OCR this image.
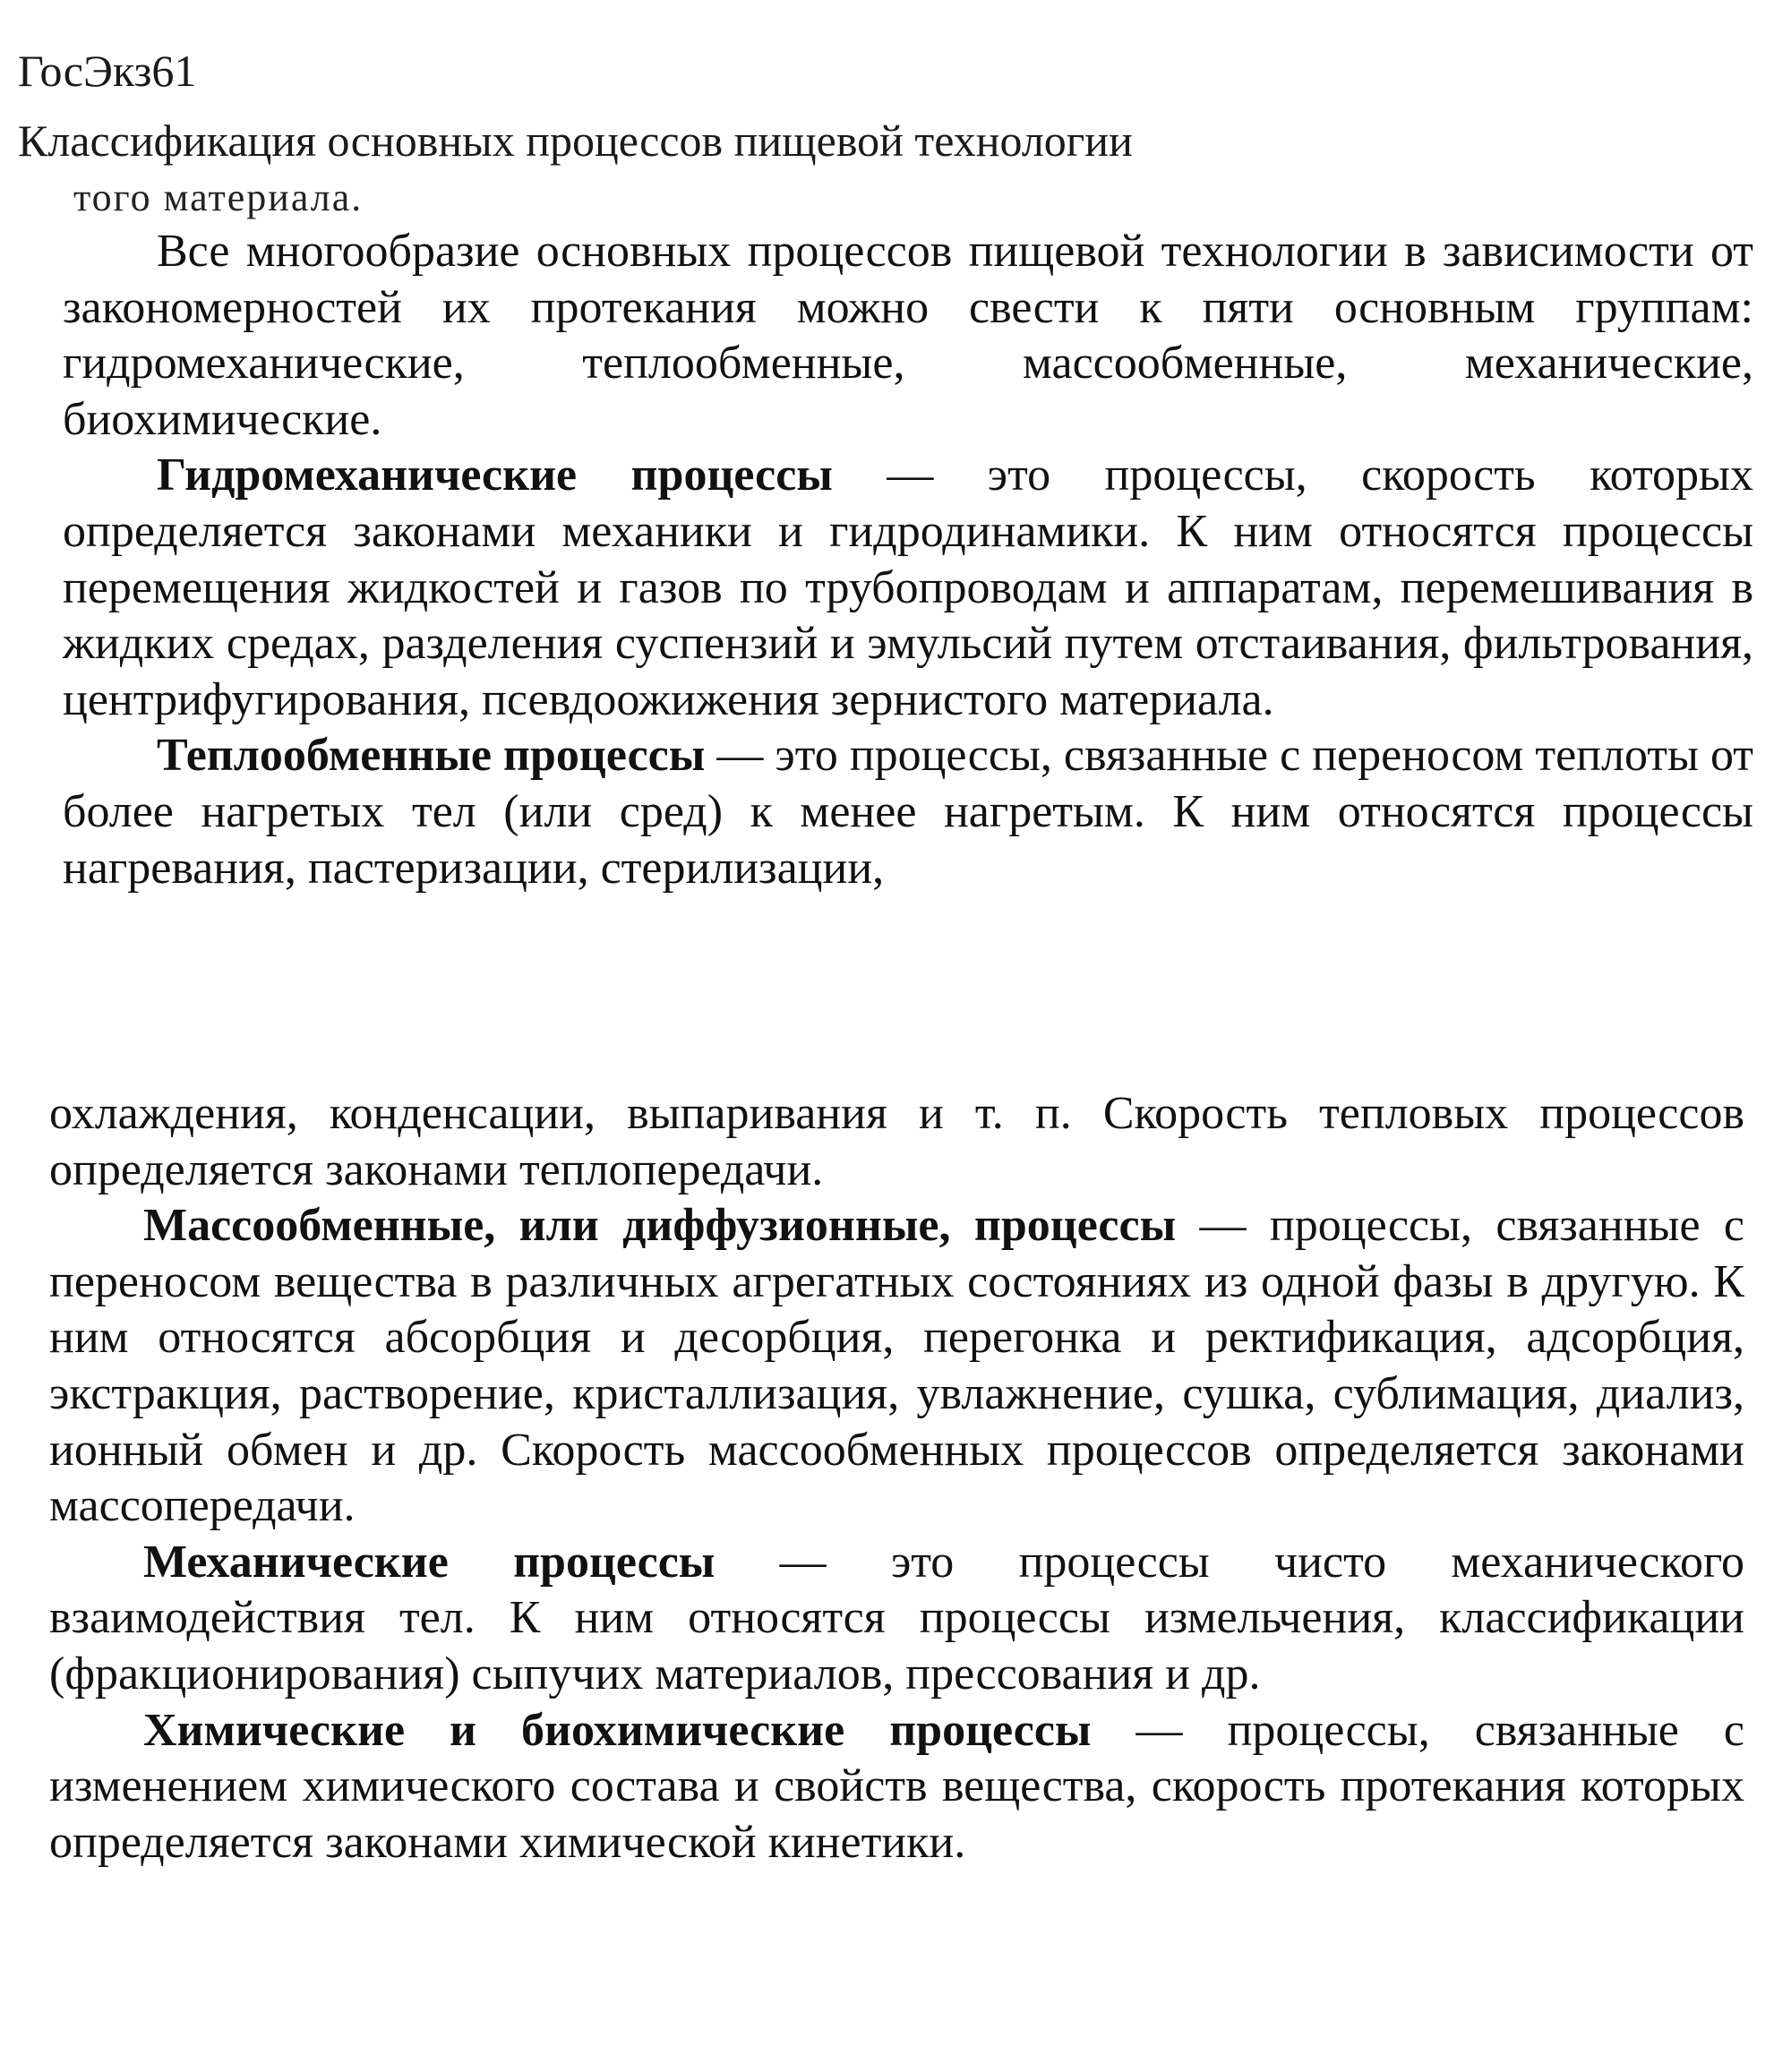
ГосЭкз61
Классификация основных процессов пищевой технологии
того материала.

Все многообразие основных процессов пищевой технологии в зависимости от закономерностей их протекания можно свести к пяти основным группам: гидромеханические, теплообменные, массообменные, механические, биохимические.

Гидромеханические процессы — это процессы, скорость которых определяется законами механики и гидродинамики. К ним относятся процессы перемещения жидкостей и газов по трубопроводам и аппаратам, перемешивания в жидких средах, разделения суспензий и эмульсий путем отстаивания, фильтрования, центрифугирования, псевдоожижения зернистого материала.

Теплообменные процессы — это процессы, связанные с переносом теплоты от более нагретых тел (или сред) к менее нагретым. К ним относятся процессы нагревания, пастеризации, стерилизации,

охлаждения, конденсации, выпаривания и т. п. Скорость тепловых процессов определяется законами теплопередачи.

Массообменные, или диффузионные, процессы — процессы, связанные с переносом вещества в различных агрегатных состояниях из одной фазы в другую. К ним относятся абсорбция и десорбция, перегонка и ректификация, адсорбция, экстракция, растворение, кристаллизация, увлажнение, сушка, сублимация, диализ, ионный обмен и др. Скорость массообменных процессов определяется законами массопередачи.

Механические процессы — это процессы чисто механического взаимодействия тел. К ним относятся процессы измельчения, классификации (фракционирования) сыпучих материалов, прессования и др.

Химические и биохимические процессы — процессы, связанные с изменением химического состава и свойств вещества, скорость протекания которых определяется законами химической кинетики.
